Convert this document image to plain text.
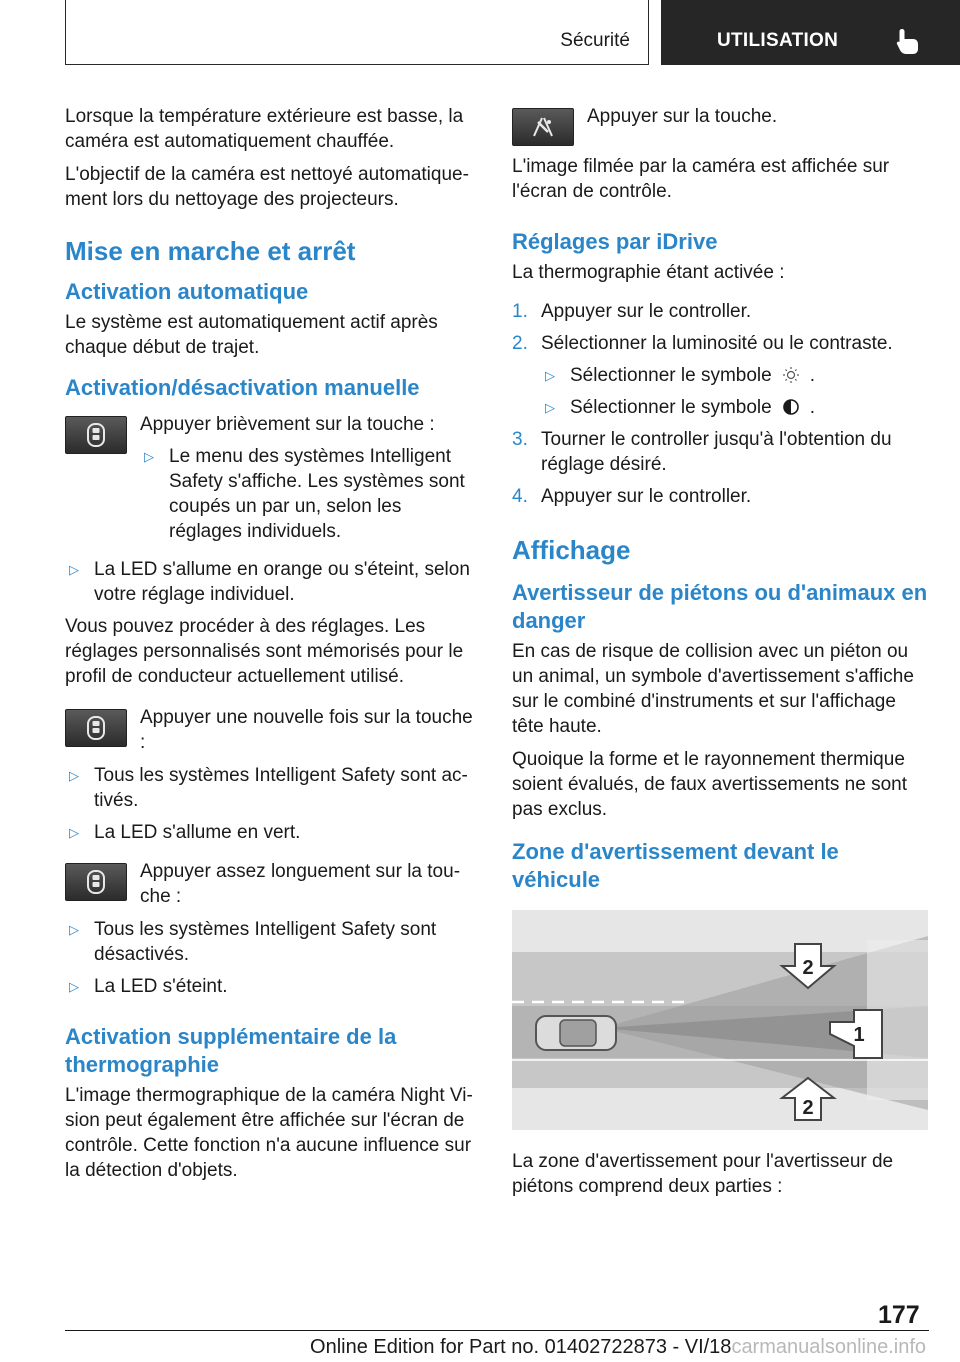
Sécurité	UTILISATION

Lorsque la température extérieure est basse, la caméra est automatiquement chauffée.

L'objectif de la caméra est nettoyé automatiquement lors du nettoyage des projecteurs.

Mise en marche et arrêt
Activation automatique

Le système est automatiquement actif après chaque début de trajet.

Activation/désactivation manuelle
Appuyer brièvement sur la touche :
▷ Le menu des systèmes Intelligent Safety s'affiche. Les systèmes sont coupés un par un, selon les réglages individuels.
▷ La LED s'allume en orange ou s'éteint, selon votre réglage individuel.

Vous pouvez procéder à des réglages. Les réglages personnalisés sont mémorisés pour le profil de conducteur actuellement utilisé.

Appuyer une nouvelle fois sur la touche :
▷ Tous les systèmes Intelligent Safety sont activés.
▷ La LED s'allume en vert.
Appuyer assez longuement sur la touche :
▷ Tous les systèmes Intelligent Safety sont désactivés.
▷ La LED s'éteint.
Activation supplémentaire de la thermographie

L'image thermographique de la caméra Night Vision peut également être affichée sur l'écran de contrôle. Cette fonction n'a aucune influence sur la détection d'objets.

Appuyer sur la touche.

L'image filmée par la caméra est affichée sur l'écran de contrôle.

Réglages par iDrive

La thermographie étant activée :

1. Appuyer sur le controller.
2. Sélectionner la luminosité ou le contraste.
▷ Sélectionner le symbole .
▷ Sélectionner le symbole .
3. Tourner le controller jusqu'à l'obtention du réglage désiré.
4. Appuyer sur le controller.
Affichage
Avertisseur de piétons ou d'animaux en danger

En cas de risque de collision avec un piéton ou un animal, un symbole d'avertissement s'affiche sur le combiné d'instruments et sur l'affichage tête haute.

Quoique la forme et le rayonnement thermique soient évalués, de faux avertissements ne sont pas exclus.

Zone d'avertissement devant le véhicule
2
1
2

La zone d'avertissement pour l'avertisseur de piétons comprend deux parties :

177
Online Edition for Part no. 01402722873 - VI/18carmanualsonline.info
